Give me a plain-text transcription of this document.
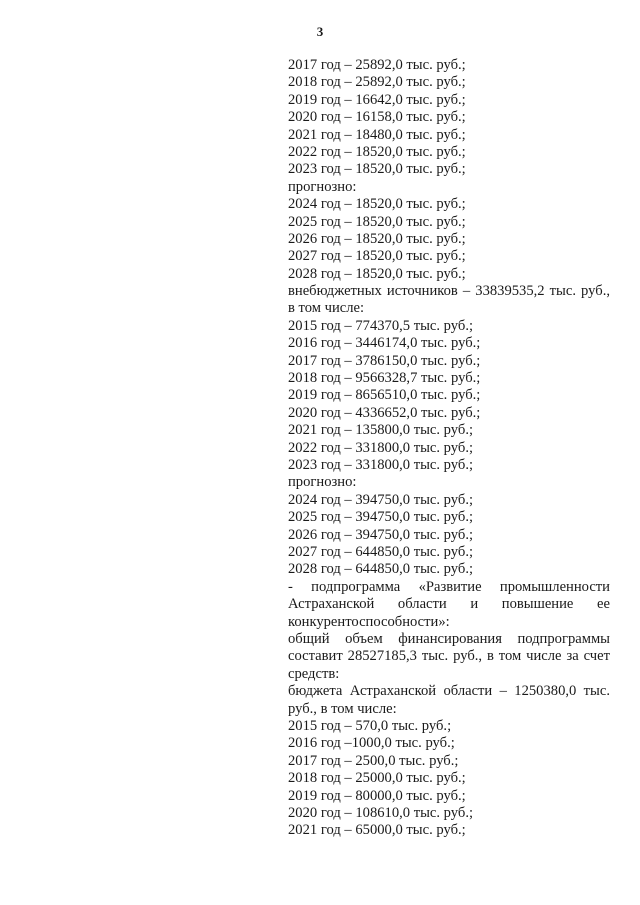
3
2017 год – 25892,0 тыс. руб.;
2018 год – 25892,0 тыс. руб.;
2019 год – 16642,0 тыс. руб.;
2020 год – 16158,0 тыс. руб.;
2021 год – 18480,0 тыс. руб.;
2022 год – 18520,0 тыс. руб.;
2023 год – 18520,0 тыс. руб.;
прогнозно:
2024 год – 18520,0 тыс. руб.;
2025 год – 18520,0 тыс. руб.;
2026 год – 18520,0 тыс. руб.;
2027 год – 18520,0 тыс. руб.;
2028 год – 18520,0 тыс. руб.;
внебюджетных источников – 33839535,2 тыс. руб., в том числе:
2015 год – 774370,5 тыс. руб.;
2016 год – 3446174,0 тыс. руб.;
2017 год – 3786150,0 тыс. руб.;
2018 год – 9566328,7 тыс. руб.;
2019 год – 8656510,0 тыс. руб.;
2020 год – 4336652,0 тыс. руб.;
2021 год – 135800,0 тыс. руб.;
2022 год – 331800,0 тыс. руб.;
2023 год – 331800,0 тыс. руб.;
прогнозно:
2024 год – 394750,0 тыс. руб.;
2025 год – 394750,0 тыс. руб.;
2026 год – 394750,0 тыс. руб.;
2027 год – 644850,0 тыс. руб.;
2028 год – 644850,0 тыс. руб.;
- подпрограмма «Развитие промышленности Астраханской области и повышение ее конкурентоспособности»:
общий объем финансирования подпрограммы составит 28527185,3 тыс. руб., в том числе за счет средств:
бюджета Астраханской области – 1250380,0 тыс. руб., в том числе:
2015 год – 570,0 тыс. руб.;
2016 год –1000,0 тыс. руб.;
2017 год – 2500,0 тыс. руб.;
2018 год – 25000,0 тыс. руб.;
2019 год – 80000,0 тыс. руб.;
2020 год – 108610,0 тыс. руб.;
2021 год – 65000,0 тыс. руб.;
